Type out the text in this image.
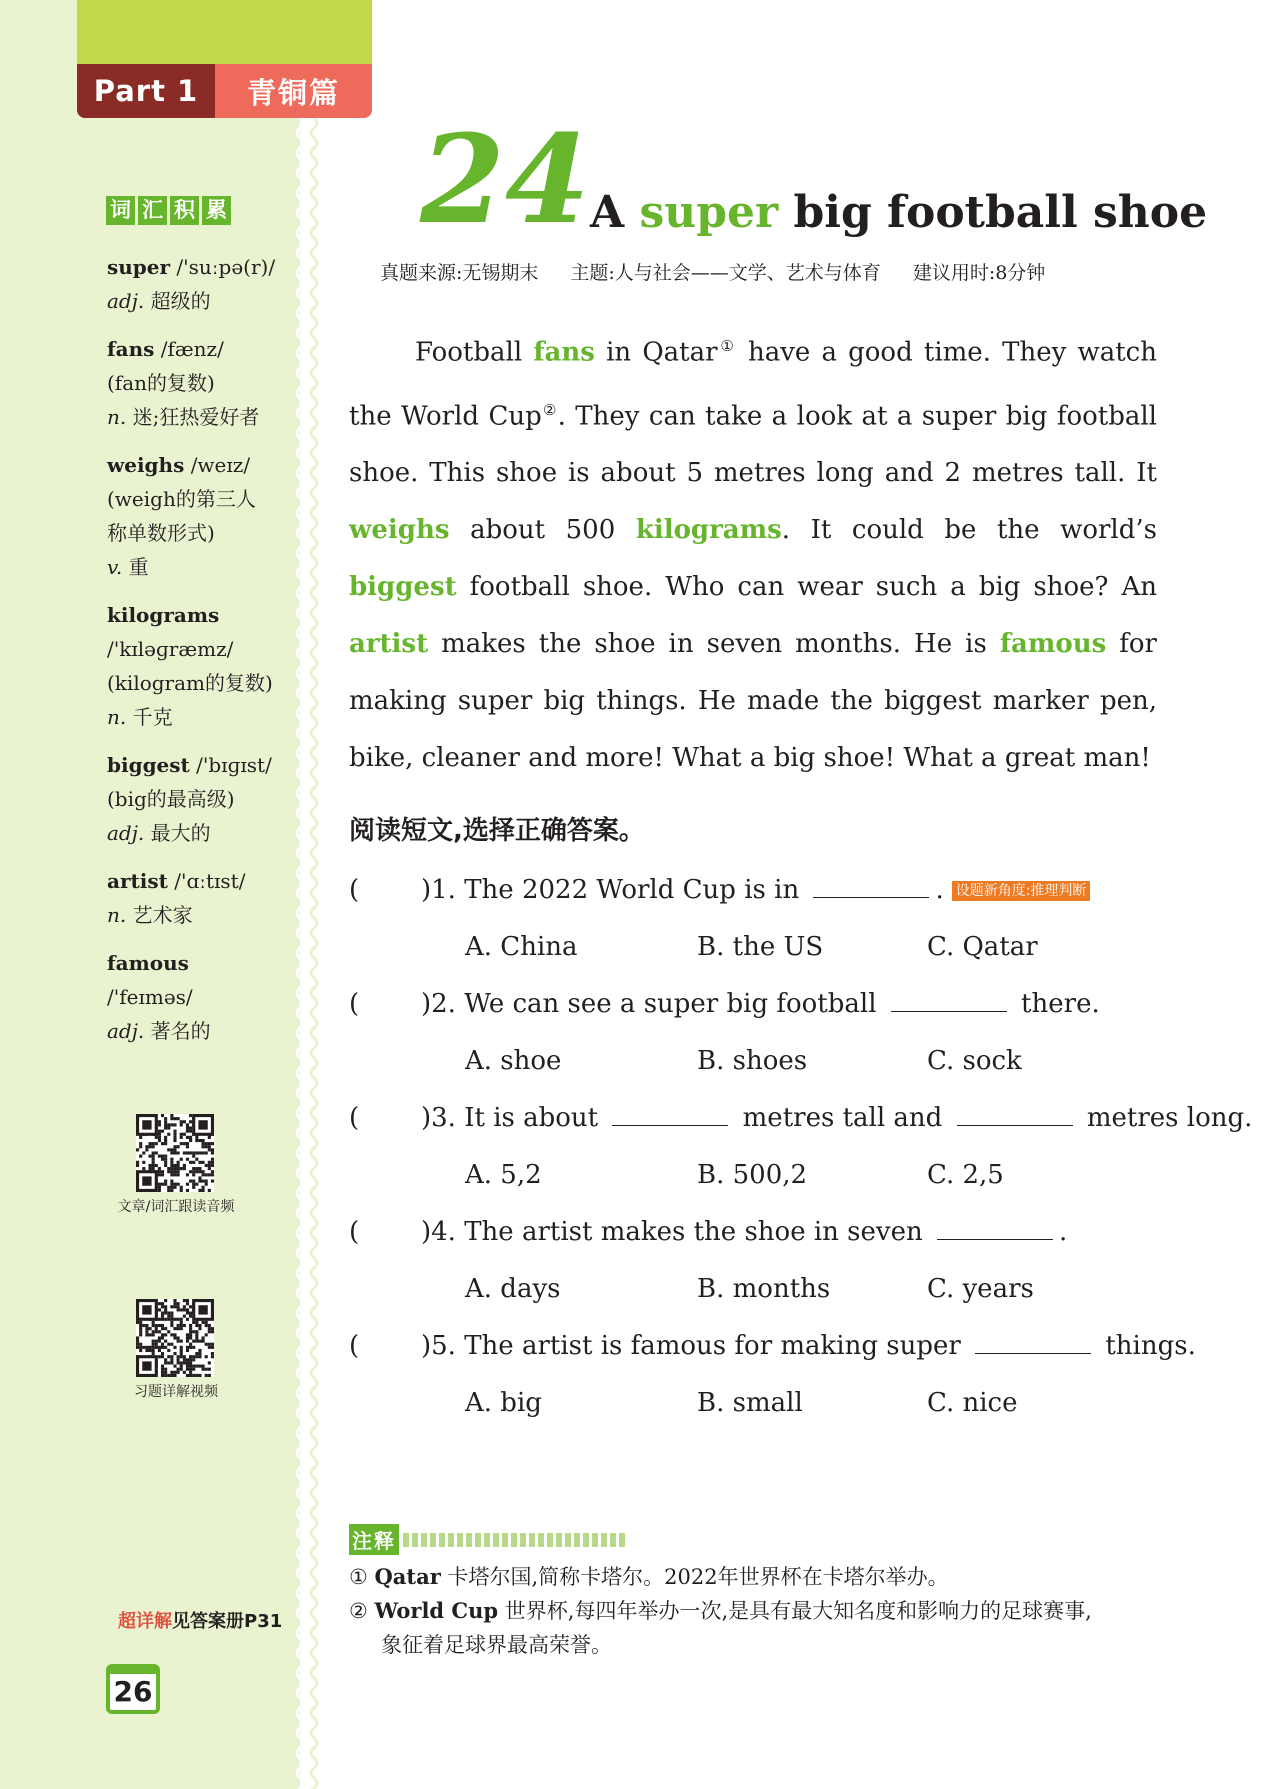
Part 1	青铜篇
词 汇 积 累
super /'suːpə(r)/
adj. 超级的
fans /fænz/
(fan的复数)
n. 迷;狂热爱好者
weighs /weɪz/
(weigh的第三人
称单数形式)
v. 重
kilograms
/'kɪləɡræmz/
(kilogram的复数)
n. 千克
biggest /'bɪɡɪst/
(big的最高级)
adj. 最大的
artist /'ɑːtɪst/
n. 艺术家
famous
/'feɪməs/
adj. 著名的
文章/词汇跟读音频
习题详解视频
超详解见答案册P31
26
24 A super big football shoe
真题来源:无锡期末 主题:人与社会——文学、艺术与体育 建议用时:8分钟
Football fans in Qatar① have a good time. They watch the World Cup②. They can take a look at a super big football shoe. This shoe is about 5 metres long and 2 metres tall. It weighs about 500 kilograms. It could be the world’s biggest football shoe. Who can wear such a big shoe? An artist makes the shoe in seven months. He is famous for making super big things. He made the biggest marker pen, bike, cleaner and more! What a big shoe! What a great man!
阅读短文,选择正确答案。
( )1. The 2022 World Cup is in	. 设题新角度:推理判断
A. China	B. the US	C. Qatar
( )2. We can see a super big football	there.
A. shoe	B. shoes	C. sock
( )3. It is about	metres tall and	metres long.
A. 5,2	B. 500,2	C. 2,5
( )4. The artist makes the shoe in seven	.
A. days	B. months	C. years
( )5. The artist is famous for making super	things.
A. big	B. small	C. nice
注释
① Qatar 卡塔尔国,简称卡塔尔。2022年世界杯在卡塔尔举办。
② World Cup 世界杯,每四年举办一次,是具有最大知名度和影响力的足球赛事,
象征着足球界最高荣誉。
